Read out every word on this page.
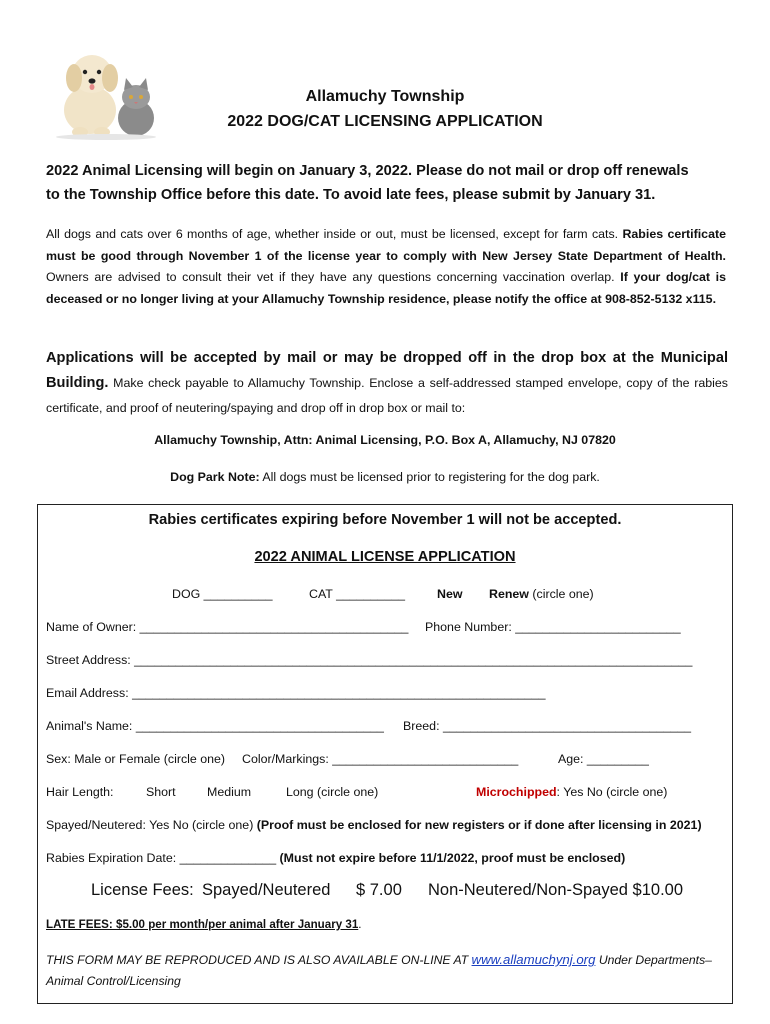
Allamuchy Township
2022 DOG/CAT LICENSING APPLICATION
2022 Animal Licensing will begin on January 3, 2022. Please do not mail or drop off renewals
to the Township Office before this date. To avoid late fees, please submit by January 31.
All dogs and cats over 6 months of age, whether inside or out, must be licensed, except for farm cats. Rabies certificate must be good through November 1 of the license year to comply with New Jersey State Department of Health. Owners are advised to consult their vet if they have any questions concerning vaccination overlap. If your dog/cat is deceased or no longer living at your Allamuchy Township residence, please notify the office at 908-852-5132 x115.
Applications will be accepted by mail or may be dropped off in the drop box at the Municipal Building. Make check payable to Allamuchy Township. Enclose a self-addressed stamped envelope, copy of the rabies certificate, and proof of neutering/spaying and drop off in drop box or mail to:
Allamuchy Township, Attn: Animal Licensing, P.O. Box A, Allamuchy, NJ 07820
Dog Park Note: All dogs must be licensed prior to registering for the dog park.
Rabies certificates expiring before November 1 will not be accepted.
2022 ANIMAL LICENSE APPLICATION
DOG __________	CAT __________	New Renew (circle one)
Name of Owner: _______________________________________ Phone Number: ________________________
Street Address: _________________________________________________________________________________
Email Address: ____________________________________________________________
Animal's Name: ____________________________________ Breed: ____________________________________
Sex: Male or Female (circle one) Color/Markings: ___________________________	Age: _________
Hair Length:	Short	Medium	Long (circle one)	Microchipped: Yes No (circle one)
Spayed/Neutered: Yes No (circle one) (Proof must be enclosed for new registers or if done after licensing in 2021)
Rabies Expiration Date: ______________ (Must not expire before 11/1/2022, proof must be enclosed)
License Fees: Spayed/Neutered $ 7.00 Non-Neutered/Non-Spayed $10.00
LATE FEES: $5.00 per month/per animal after January 31.
THIS FORM MAY BE REPRODUCED AND IS ALSO AVAILABLE ON-LINE AT www.allamuchynj.org Under Departments–
Animal Control/Licensing
